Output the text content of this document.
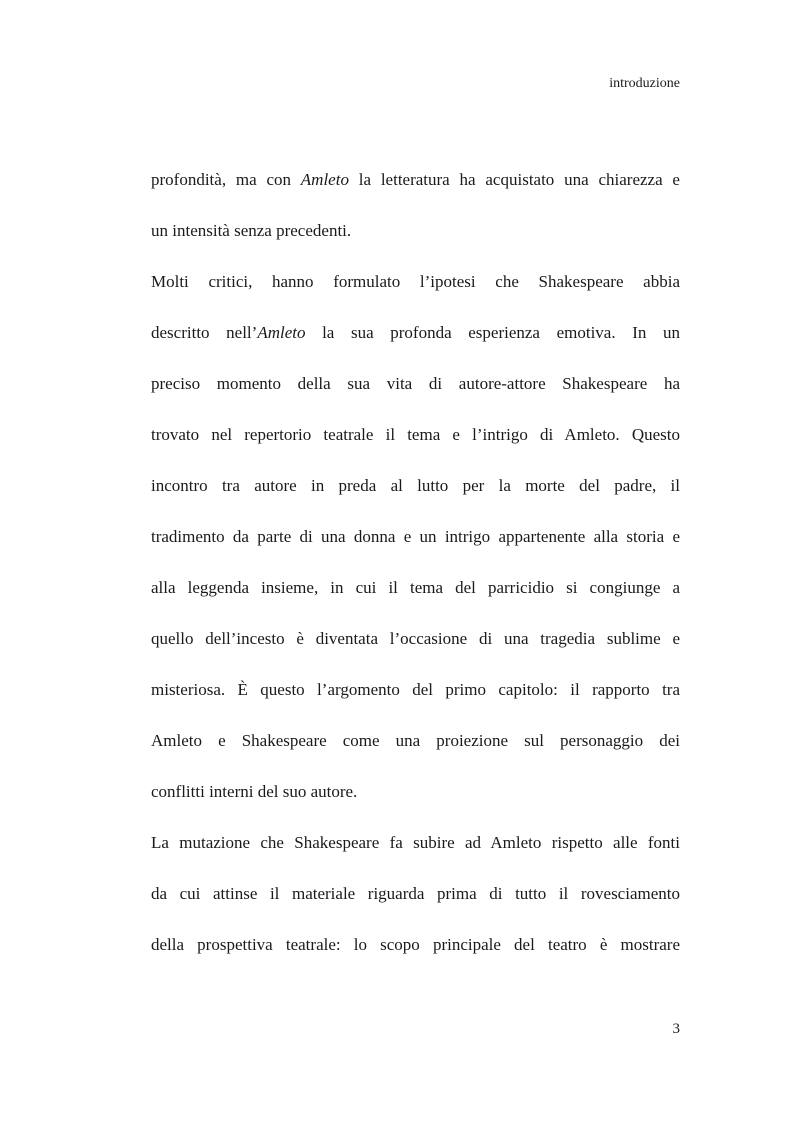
introduzione
profondità, ma con Amleto la letteratura ha acquistato una chiarezza e
un intensità senza precedenti.
Molti critici, hanno formulato l’ipotesi che Shakespeare abbia
descritto nell’Amleto la sua profonda esperienza emotiva. In un
preciso momento della sua vita di autore-attore Shakespeare ha
trovato nel repertorio teatrale il tema e l’intrigo di Amleto. Questo
incontro tra autore in preda al lutto per la morte del padre, il
tradimento da parte di una donna e un intrigo appartenente alla storia e
alla leggenda insieme, in cui il tema del parricidio si congiunge a
quello dell’incesto è diventata l’occasione di una tragedia sublime e
misteriosa. È questo l’argomento del primo capitolo: il rapporto tra
Amleto e Shakespeare come una proiezione sul personaggio dei
conflitti interni del suo autore.
La mutazione che Shakespeare fa subire ad Amleto rispetto alle fonti
da cui attinse il materiale riguarda prima di tutto il rovesciamento
della prospettiva teatrale: lo scopo principale del teatro è mostrare
3
